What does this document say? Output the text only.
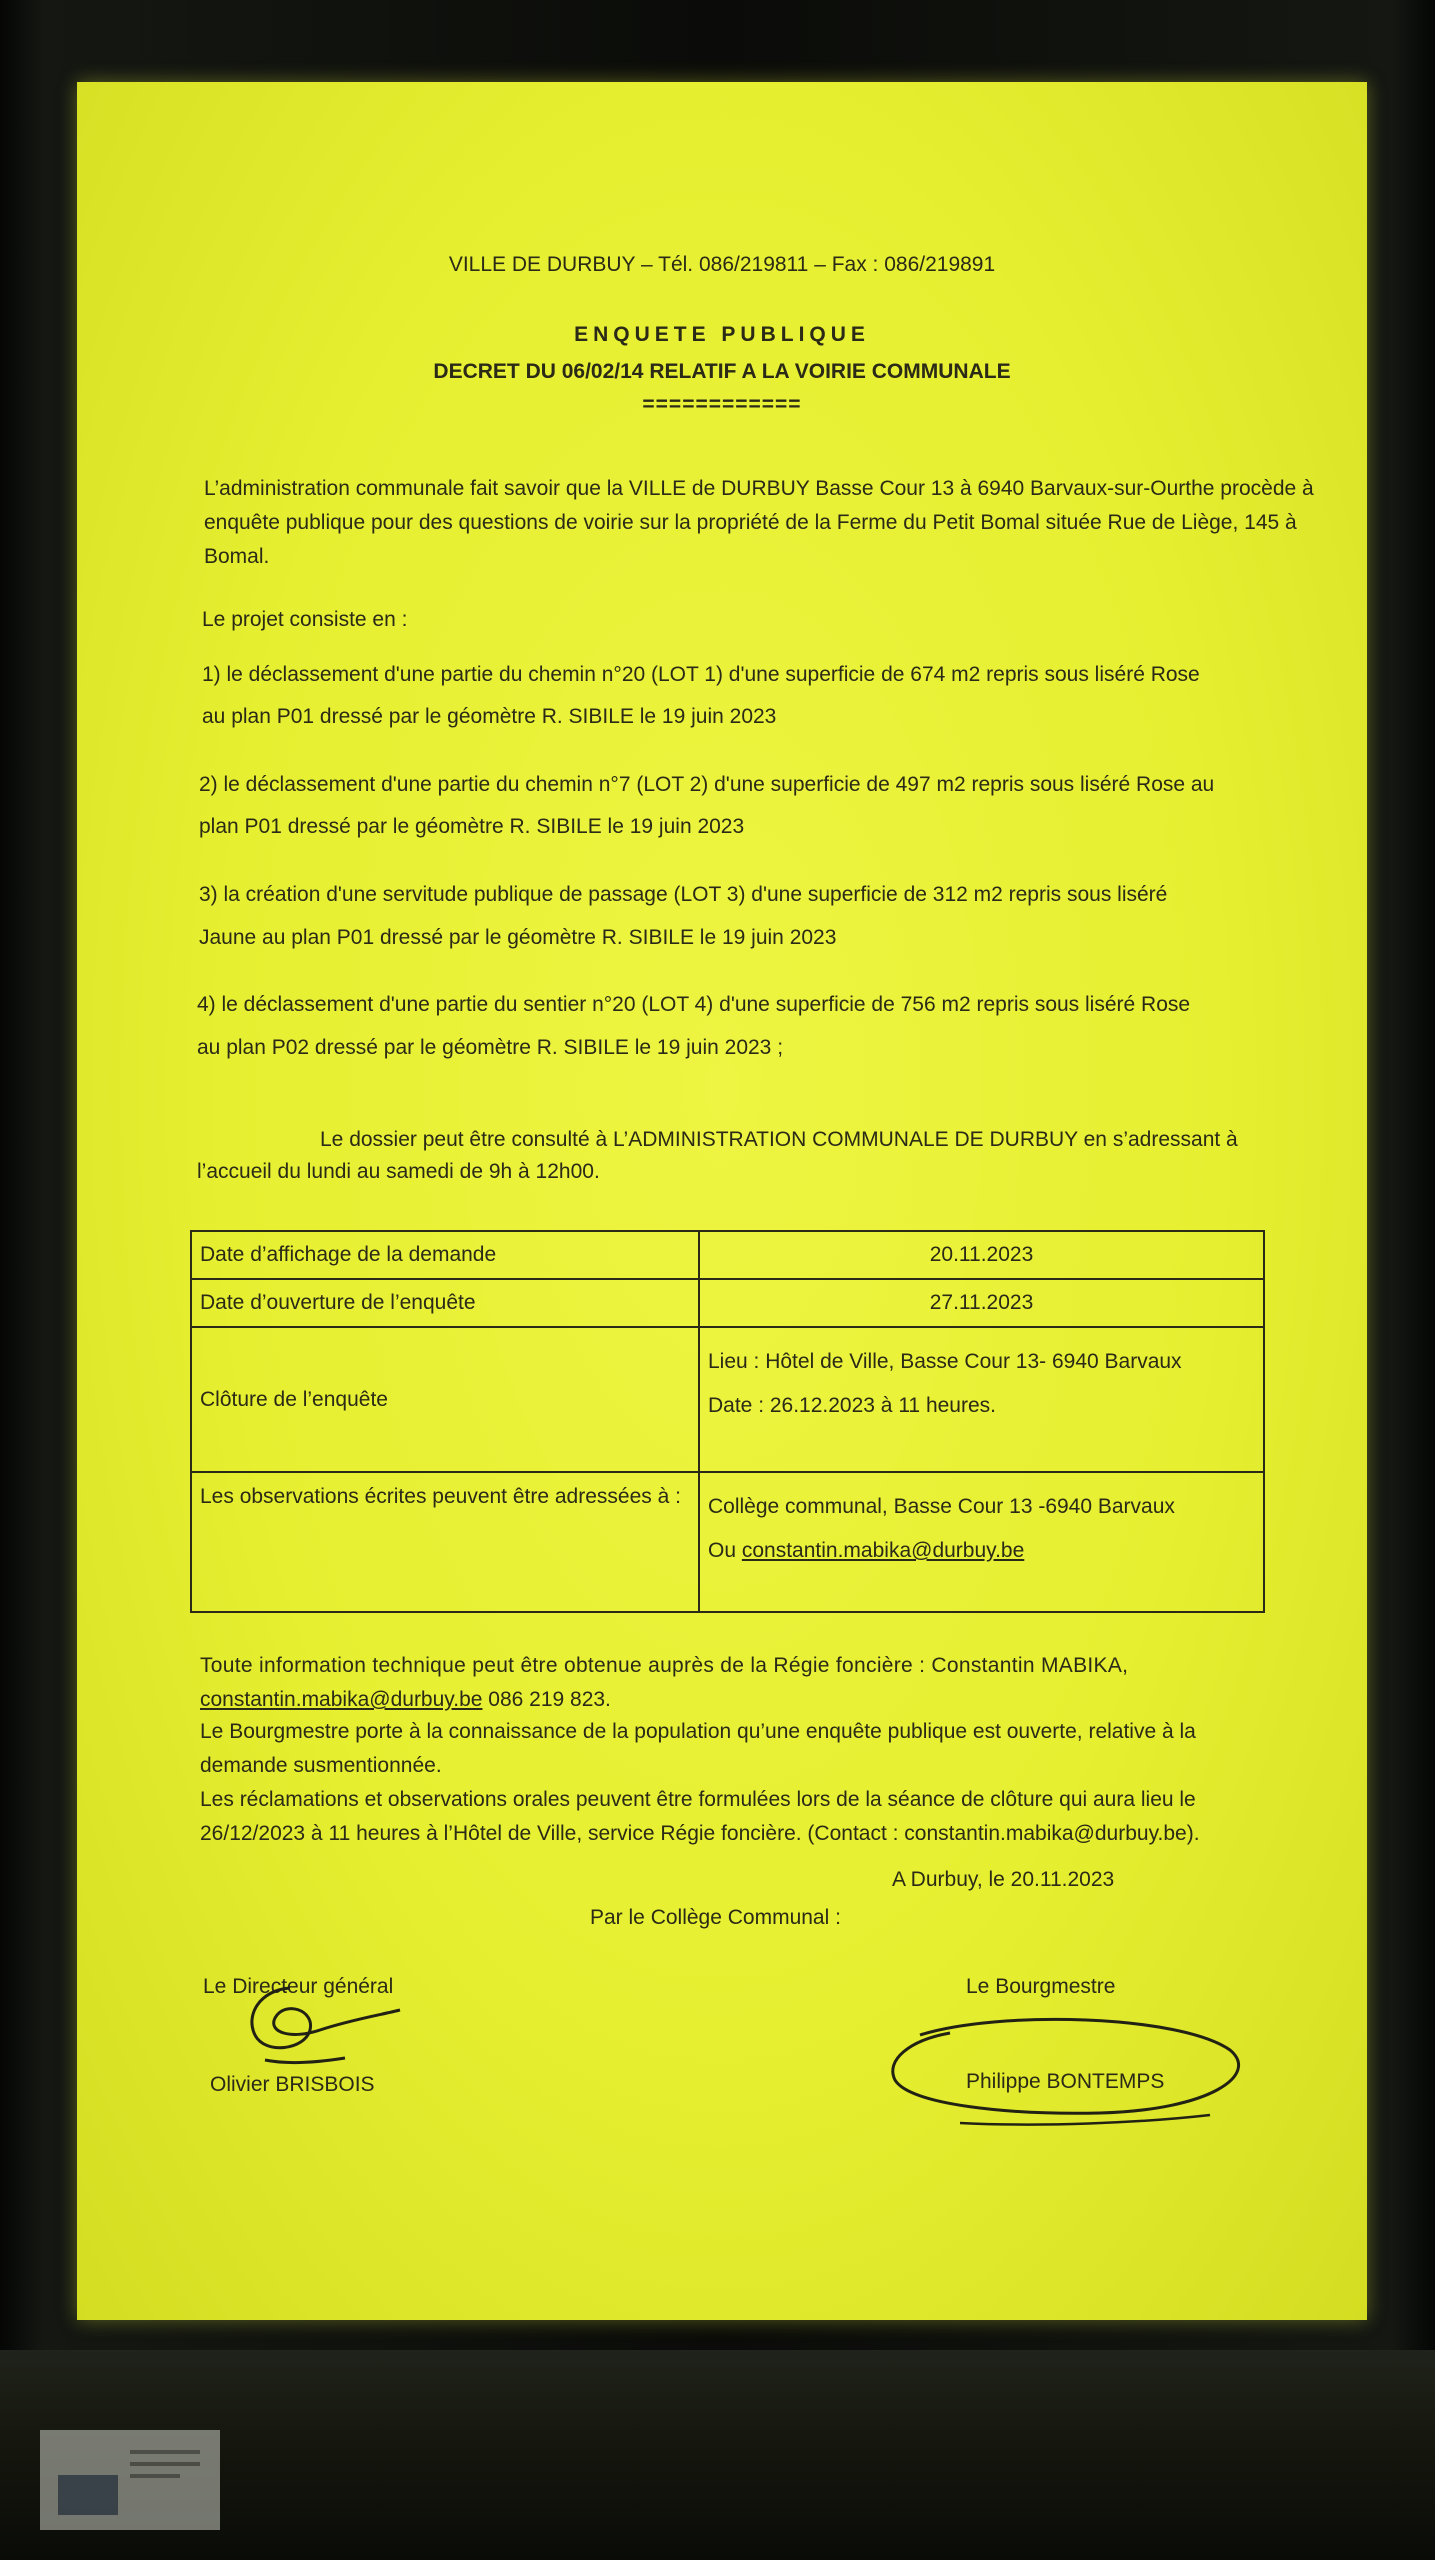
VILLE DE DURBUY – Tél. 086/219811 – Fax : 086/219891
ENQUETE PUBLIQUE
DECRET DU 06/02/14 RELATIF A LA VOIRIE COMMUNALE
============
L’administration communale fait savoir que la VILLE de DURBUY Basse Cour 13 à 6940 Barvaux-sur-Ourthe procède à enquête publique pour des questions de voirie sur la propriété de la Ferme du Petit Bomal située Rue de Liège, 145 à Bomal.
Le projet consiste en :
1) le déclassement d'une partie du chemin n°20 (LOT 1) d'une superficie de 674 m2 repris sous liséré Rose
au plan P01 dressé par le géomètre R. SIBILE le 19 juin 2023
2) le déclassement d'une partie du chemin n°7 (LOT 2) d'une superficie de 497 m2 repris sous liséré Rose au
plan P01 dressé par le géomètre R. SIBILE le 19 juin 2023
3) la création d'une servitude publique de passage (LOT 3) d'une superficie de 312 m2 repris sous liséré
Jaune au plan P01 dressé par le géomètre R. SIBILE le 19 juin 2023
4) le déclassement d'une partie du sentier n°20 (LOT 4) d'une superficie de 756 m2 repris sous liséré Rose
au plan P02 dressé par le géomètre R. SIBILE le 19 juin 2023 ;
Le dossier peut être consulté à L’ADMINISTRATION COMMUNALE DE DURBUY en s’adressant à
l’accueil du lundi au samedi de 9h à 12h00.
Date d’affichage de la demande	20.11.2023
Date d’ouverture de l’enquête	27.11.2023
Clôture de l’enquête	Lieu : Hôtel de Ville, Basse Cour 13- 6940 Barvaux
Date : 26.12.2023 à 11 heures.

Les observations écrites peuvent être adressées à :	Collège communal, Basse Cour 13 -6940 Barvaux
Ou constantin.mabika@durbuy.be
Toute information technique peut être obtenue auprès de la Régie foncière : Constantin MABIKA,
constantin.mabika@durbuy.be 086 219 823.
Le Bourgmestre porte à la connaissance de la population qu’une enquête publique est ouverte, relative à la
demande susmentionnée.
Les réclamations et observations orales peuvent être formulées lors de la séance de clôture qui aura lieu le
26/12/2023 à 11 heures à l’Hôtel de Ville, service Régie foncière. (Contact : constantin.mabika@durbuy.be).
A Durbuy, le 20.11.2023
Par le Collège Communal :
Le Directeur général
Olivier BRISBOIS
Le Bourgmestre
Philippe BONTEMPS
